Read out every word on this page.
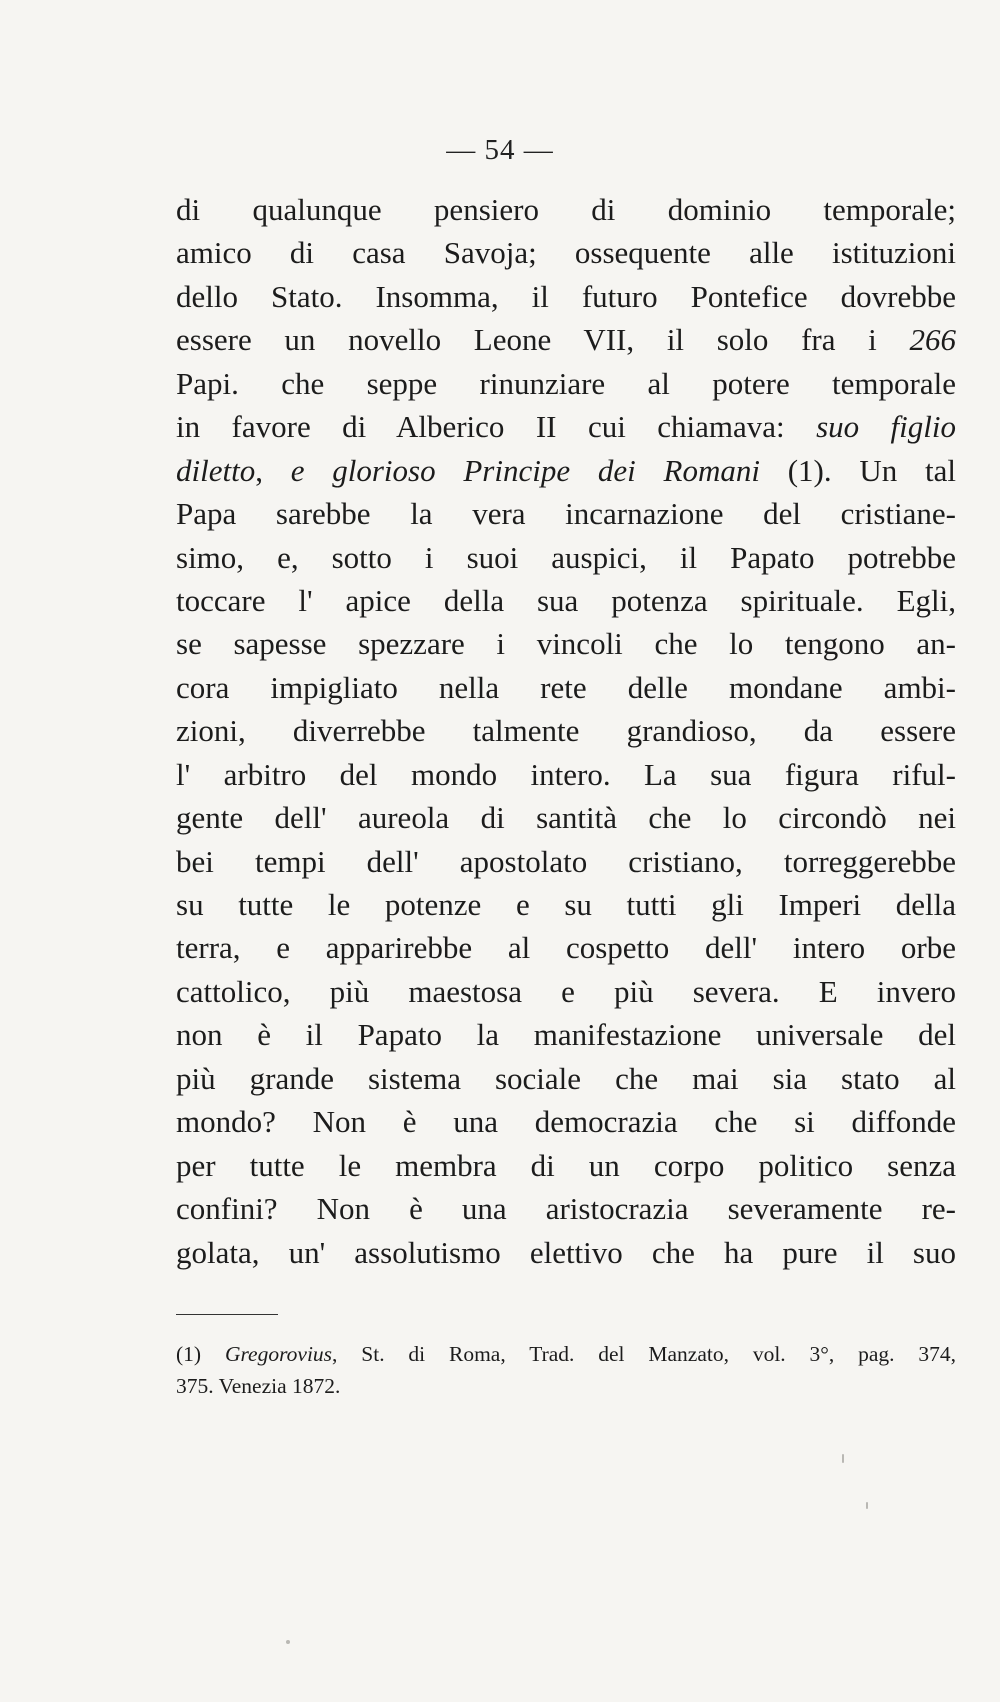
— 54 —
di qualunque pensiero di dominio temporale;
amico di casa Savoja; ossequente alle istituzioni
dello Stato. Insomma, il futuro Pontefice dovrebbe
essere un novello Leone VII, il solo fra i 266
Papi. che seppe rinunziare al potere temporale
in favore di Alberico II cui chiamava: suo figlio
diletto, e glorioso Principe dei Romani (1). Un tal
Papa sarebbe la vera incarnazione del cristiane-
simo, e, sotto i suoi auspici, il Papato potrebbe
toccare l' apice della sua potenza spirituale. Egli,
se sapesse spezzare i vincoli che lo tengono an-
cora impigliato nella rete delle mondane ambi-
zioni, diverrebbe talmente grandioso, da essere
l' arbitro del mondo intero. La sua figura riful-
gente dell' aureola di santità che lo circondò nei
bei tempi dell' apostolato cristiano, torreggerebbe
su tutte le potenze e su tutti gli Imperi della
terra, e apparirebbe al cospetto dell' intero orbe
cattolico, più maestosa e più severa. E invero
non è il Papato la manifestazione universale del
più grande sistema sociale che mai sia stato al
mondo? Non è una democrazia che si diffonde
per tutte le membra di un corpo politico senza
confini? Non è una aristocrazia severamente re-
golata, un' assolutismo elettivo che ha pure il suo
(1) Gregorovius, St. di Roma, Trad. del Manzato, vol. 3°, pag. 374,
375. Venezia 1872.
